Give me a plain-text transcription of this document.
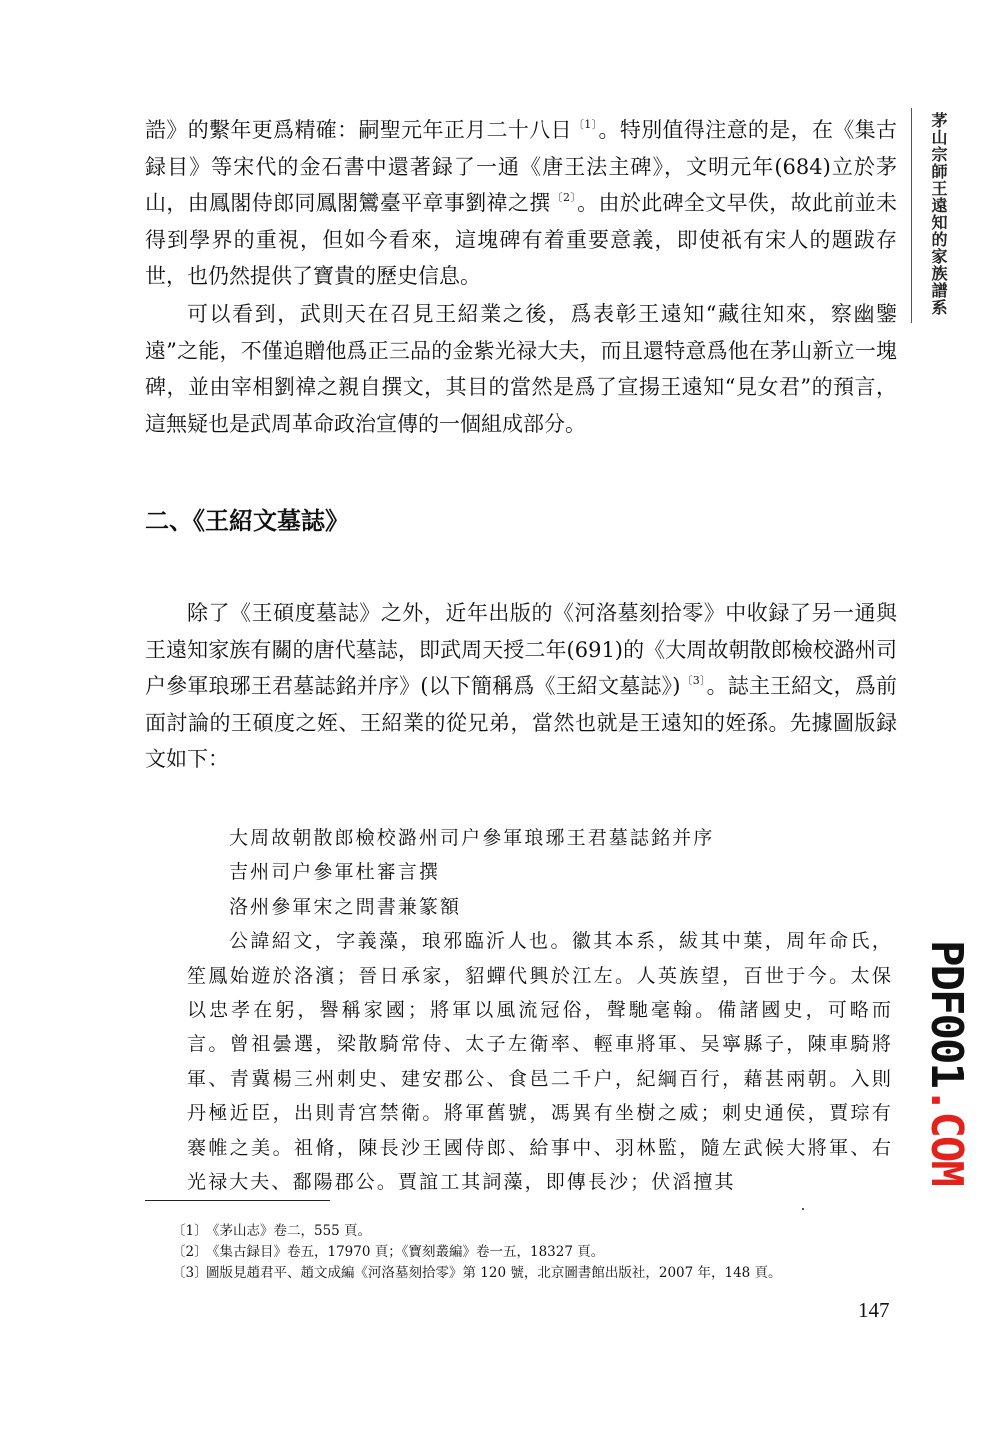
茅山宗師王遠知的家族譜系

誥》的繫年更爲精確：嗣聖元年正月二十八日$^{〔1〕}$。特別值得注意的是，在《集古録目》等宋代的金石書中還著録了一通《唐王法主碑》，文明元年(684)立於茅山，由鳳閣侍郎同鳳閣鸞臺平章事劉禕之撰$^{〔2〕}$。由於此碑全文早佚，故此前並未得到學界的重視，但如今看來，這塊碑有着重要意義，即使祇有宋人的題跋存世，也仍然提供了寶貴的歷史信息。

可以看到，武則天在召見王紹業之後，爲表彰王遠知“藏往知來，察幽鑒遠”之能，不僅追贈他爲正三品的金紫光禄大夫，而且還特意爲他在茅山新立一塊碑，並由宰相劉禕之親自撰文，其目的當然是爲了宣揚王遠知“見女君”的預言，這無疑也是武周革命政治宣傳的一個組成部分。

二、《王紹文墓誌》

除了《王碩度墓誌》之外，近年出版的《河洛墓刻拾零》中收録了另一通與王遠知家族有關的唐代墓誌，即武周天授二年(691)的《大周故朝散郎檢校潞州司户參軍琅琊王君墓誌銘并序》(以下簡稱爲《王紹文墓誌》)$^{〔3〕}$。誌主王紹文，爲前面討論的王碩度之姪、王紹業的從兄弟，當然也就是王遠知的姪孫。先據圖版録文如下：

大周故朝散郎檢校潞州司户參軍琅琊王君墓誌銘并序

吉州司户參軍杜審言撰

洛州參軍宋之問書兼篆額

公諱紹文，字義藻，琅邪臨沂人也。徽其本系，紱其中葉，周年命氏，笙鳳始遊於洛濱；晉日承家，貂蟬代興於江左。人英族望，百世于今。太保以忠孝在躬，譽稱家國；將軍以風流冠俗，聲馳毫翰。備諸國史，可略而言。曾祖曇選，梁散騎常侍、太子左衛率、輕車將軍、吴寧縣子，陳車騎將軍、青冀楊三州刺史、建安郡公、食邑二千户，紀綱百行，藉甚兩朝。入則丹極近臣，出則青宫禁衛。將軍舊號，馮異有坐樹之威；刺史通侯，賈琮有褰帷之美。祖脩，陳長沙王國侍郎、給事中、羽林監，隨左武候大將軍、右光禄大夫、鄱陽郡公。賈誼工其詞藻，即傳長沙；伏滔擅其

PDF001.COM
〔1〕《茅山志》卷二，555 頁。
〔2〕《集古録目》卷五，17970 頁；《寶刻叢編》卷一五，18327 頁。
〔3〕圖版見趙君平、趙文成編《河洛墓刻拾零》第 120 號，北京圖書館出版社，2007 年，148 頁。
147
